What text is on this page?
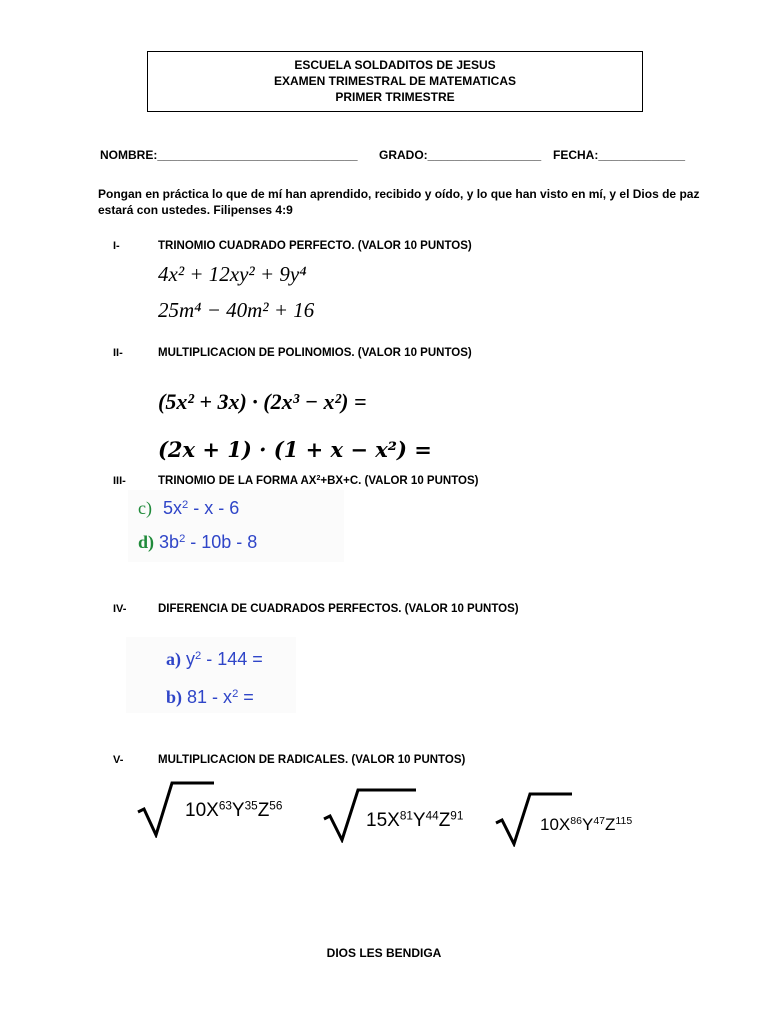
ESCUELA SOLDADITOS DE JESUS
EXAMEN TRIMESTRAL DE MATEMATICAS
PRIMER TRIMESTRE
NOMBRE:______________________________ GRADO:_________________ FECHA:_____________
Pongan en práctica lo que de mí han aprendido, recibido y oído, y lo que han visto en mí, y el Dios de paz
estará con ustedes. Filipenses 4:9
I-	TRINOMIO CUADRADO PERFECTO. (VALOR 10 PUNTOS)
4x² + 12xy² + 9y⁴
25m⁴ − 40m² + 16
II-	MULTIPLICACION DE POLINOMIOS. (VALOR 10 PUNTOS)
(5x² + 3x) · (2x³ − x²) =
(2x + 1) · (1 + x − x²) =
III-	TRINOMIO DE LA FORMA $AX^2+BX+C$. (VALOR 10 PUNTOS)
c) $5x^2$ - x - 6
d) $3b^2 - 10b - 8$
IV-	DIFERENCIA DE CUADRADOS PERFECTOS. (VALOR 10 PUNTOS)
a) $y^2 - 144$ =
b) $81 - x^2$ =
V-	MULTIPLICACION DE RADICALES. (VALOR 10 PUNTOS)
$10X^{63}Y^{35}Z^{56}$
$15X^{81}Y^{44}Z^{91}$	$10X^{86}Y^{47}Z^{115}$
DIOS LES BENDIGA
